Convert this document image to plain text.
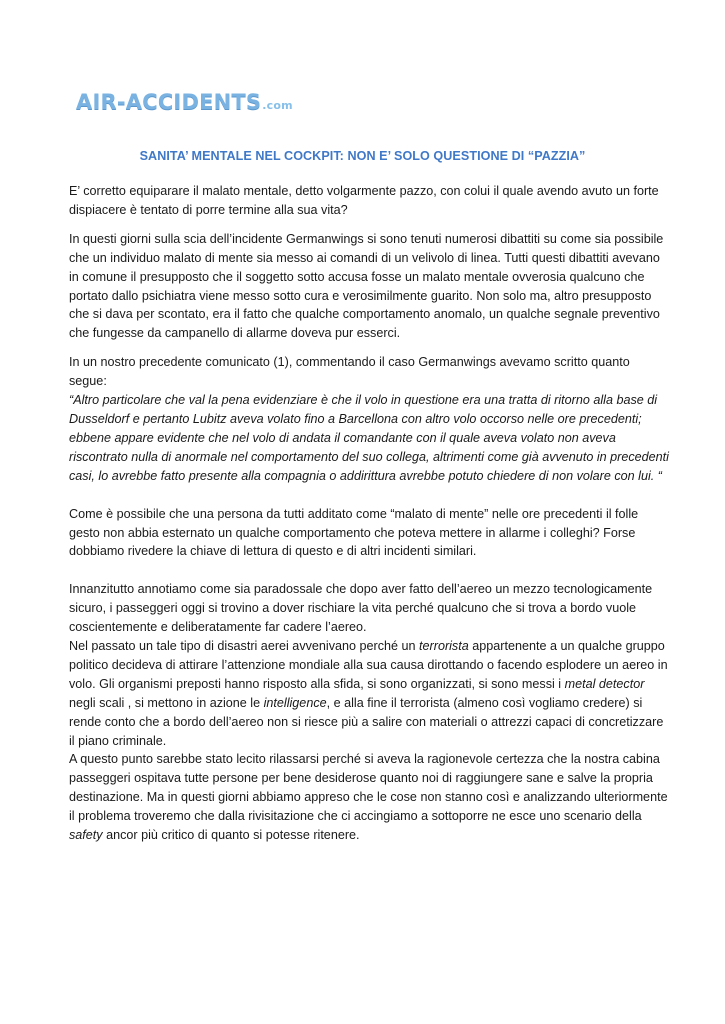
AIR-ACCIDENTS .com
SANITA’ MENTALE NEL COCKPIT: NON E’ SOLO QUESTIONE DI “PAZZIA”

E’ corretto equiparare il malato mentale, detto volgarmente pazzo, con colui il quale avendo avuto un forte dispiacere è tentato di porre termine alla sua vita?

In questi giorni sulla scia dell’incidente Germanwings si sono tenuti numerosi dibattiti su come sia possibile che un individuo malato di mente sia messo ai comandi di un velivolo di linea. Tutti questi dibattiti avevano in comune il presupposto che il soggetto sotto accusa fosse un malato mentale ovverosia qualcuno che portato dallo psichiatra viene messo sotto cura e verosimilmente guarito. Non solo ma, altro presupposto che si dava per scontato, era il fatto che qualche comportamento anomalo, un qualche segnale preventivo che fungesse da campanello di allarme doveva pur esserci.

In un nostro precedente comunicato (1), commentando il caso Germanwings avevamo scritto quanto segue:

“Altro particolare che val la pena evidenziare è che il volo in questione era una tratta di ritorno alla base di Dusseldorf e pertanto Lubitz aveva volato fino a Barcellona con altro volo occorso nelle ore precedenti; ebbene appare evidente che nel volo di andata il comandante con il quale aveva volato non aveva riscontrato nulla di anormale nel comportamento del suo collega, altrimenti come già avvenuto in precedenti casi, lo avrebbe fatto presente alla compagnia o addirittura avrebbe potuto chiedere di non volare con lui. “

Come è possibile che una persona da tutti additato come “malato di mente” nelle ore precedenti il folle gesto non abbia esternato un qualche comportamento che poteva mettere in allarme i colleghi? Forse dobbiamo rivedere la chiave di lettura di questo e di altri incidenti similari.

Innanzitutto annotiamo come sia paradossale che dopo aver fatto dell’aereo un mezzo tecnologicamente sicuro, i passeggeri oggi si trovino a dover rischiare la vita perché qualcuno che si trova a bordo vuole coscientemente e deliberatamente far cadere l’aereo.

Nel passato un tale tipo di disastri aerei avvenivano perché un terrorista appartenente a un qualche gruppo politico decideva di attirare l’attenzione mondiale alla sua causa dirottando o facendo esplodere un aereo in volo. Gli organismi preposti hanno risposto alla sfida, si sono organizzati, si sono messi i metal detector negli scali , si mettono in azione le intelligence, e alla fine il terrorista (almeno così vogliamo credere) si rende conto che a bordo dell’aereo non si riesce più a salire con materiali o attrezzi capaci di concretizzare il piano criminale.

A questo punto sarebbe stato lecito rilassarsi perché si aveva la ragionevole certezza che la nostra cabina passeggeri ospitava tutte persone per bene desiderose quanto noi di raggiungere sane e salve la propria destinazione. Ma in questi giorni abbiamo appreso che le cose non stanno così e analizzando ulteriormente il problema troveremo che dalla rivisitazione che ci accingiamo a sottoporre ne esce uno scenario della safety ancor più critico di quanto si potesse ritenere.
